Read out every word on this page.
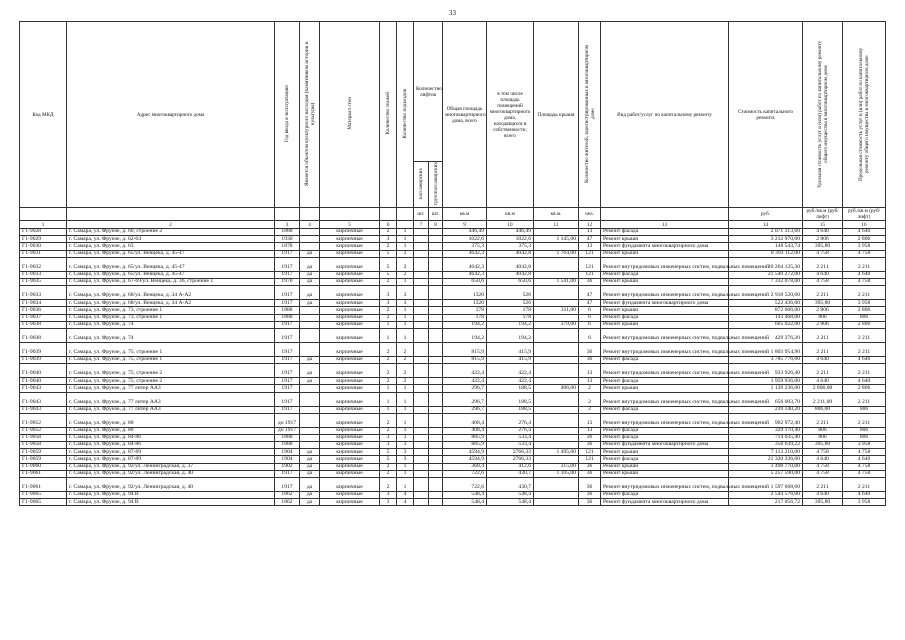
33
Код МКД	Адрес многоквартирного дома	Год ввода в эксплуатацию	Является объектом культурного наследия (памятником истории и культуры)	Материал стен	Количество этажей	Количество подъездов	Количество лифтов		Общая площадь многоквартирного дома, всего	в том числе площадь помещений многоквартирного дома, находящихся в собственности, всего	Площадь крыши	Количество жителей, зарегистрированных в многоквартирном доме	Вид работ/услуг по капитальному ремонту	Стоимость капитального ремонта	Удельная стоимость услуг и (или) работ по капитальному ремонту общего имущества в многоквартирном доме	Предельная стоимость услуг и (или) работ по капитальному ремонту общего имущества в многоквартирном доме
							пассажирских	грузопассажирских								
							шт.	шт.	кв.м	кв.м	кв.м.	чел.		руб.	руб./кв.м (руб/лифт)	руб./кв.м (руб/лифт)
1	2	3	4	5	6		7	8	9	10	11	12	13	14	15	16
Г1-9028	г. Самара, ул. Фрунзе, д. 60, строение 2	1888		кирпичные	2	1			446,49	446,49		13	Ремонт фасада	2 071 313,60	4 640	4 640
Г1-9029	г. Самара, ул. Фрунзе, д. 62-64	1930		кирпичные	3	1			1022,6	1022,6	1 145,00	47	Ремонт крыши	3 212 970,00	2 806	2 806
Г1-9030	г. Самара, ул. Фрунзе, д. 63	1878		кирпичные	2	1			375,3	375,3		13	Ремонт фундамента многоквартирного дома	148 543,74	395,80	3 958
Г1-9031	г. Самара, ул. Фрунзе, д. 65/ул. Венцека, д. 45-47	1917	да	кирпичные	5	2			4642,3	4042,8	1 764,00	121	Ремонт крыши	8 393 112,00	4 758	4 758
Г1-9032	г. Самара, ул. Фрунзе, д. 65/ул. Венцека, д. 45-47	1917	да	кирпичные	5	2			4642,3	4042,8		121	Ремонт внутридомовых инженерных систем, подвальных помещений	10 264 125,30	2 211	2 211
Г1-9033	г. Самара, ул. Фрунзе, д. 65/ул. Венцека, д. 45-47	1917	да	кирпичные	5	2			4642,3	4042,8		121	Ремонт фасада	21 540 272,00	4 640	4 640
Г1-9035	г. Самара, ул. Фрунзе, д. 67-69/ул. Венцека, д. 36, строение 1	1970	да	кирпичные	2	1			650,6	650,6	1 541,00	36	Ремонт крыши	7 332 078,00	4 758	4 758
Г1-9033	г. Самара, ул. Фрунзе, д. 68/ул. Венцека, д. 34 А-А2	1917	да	кирпичные	3	3			1320	526		47	Ремонт внутридомовых инженерных систем, подвальных помещений	2 918 520,00	2 211	2 211
Г1-9034	г. Самара, ул. Фрунзе, д. 68/ул. Венцека, д. 34 А-А2	1917	да	кирпичные	3	3			1320	526		47	Ремонт фундамента многоквартирного дома	522 436,00	395,80	3 958
Г1-9036	г. Самара, ул. Фрунзе, д. 73, строение 1	1888		кирпичные	2	1			178	178	311,00	6	Ремонт крыши	872 666,00	2 806	2 806
Г1-9037	г. Самара, ул. Фрунзе, д. 73, строение 1	1888		кирпичные	2	1			178	178		6	Ремонт фасада	143 468,00	806	806
Г1-9038	г. Самара, ул. Фрунзе, д. 74	1917		кирпичные	1	1			194,2	194,2	379,00	6	Ремонт крыши	665 022,00	2 806	2 806
Г1-9038	г. Самара, ул. Фрунзе, д. 74	1917		кирпичные	1	1			194,2	194,2		6	Ремонт внутридомовых инженерных систем, подвальных помещений	429 376,20	2 211	2 211
Г1-9039	г. Самара, ул. Фрунзе, д. 75, строение 1	1917		кирпичные	2	2			815,9	415,9		36	Ремонт внутридомовых инженерных систем, подвальных помещений	1 803 954,90	2 211	2 211
Г1-9039	г. Самара, ул. Фрунзе, д. 75, строение 1	1917	да	кирпичные	2	2			815,9	415,9		36	Ремонт фасада	3 785 776,00	4 640	4 640
Г1-9040	г. Самара, ул. Фрунзе, д. 75, строение 2	1917	да	кирпичные	2	2			422,4	422,4		13	Ремонт внутридомовых инженерных систем, подвальных помещений	933 926,40	2 211	2 211
Г1-9040	г. Самара, ул. Фрунзе, д. 75, строение 2	1917	да	кирпичные	2	2			422,4	422,4		13	Ремонт фасада	1 959 936,00	4 640	4 640
Г1-9043	г. Самара, ул. Фрунзе, д. 77 литер АА3	1917		кирпичные	1	1			296,7	188,5	406,00	2	Ремонт крыши	1 139 236,00	2 806,00	2 806
Г1-9043	г. Самара, ул. Фрунзе, д. 77 литер АА3	1917		кирпичные	1	1			296,7	188,5		2	Ремонт внутридомовых инженерных систем, подвальных помещений	656 003,70	2 211,00	2 211
Г1-9043	г. Самара, ул. Фрунзе, д. 77 литер АА3	1917		кирпичные	1	1			296,7	188,5		2	Ремонт фасада	239 140,20	806,00	806
Г1-9052	г. Самара, ул. Фрунзе, д. 80	до 1917		кирпичные	2	1			408,4	276,4		13	Ремонт внутридомовых инженерных систем, подвальных помещений	902 972,40	2 211	2 211
Г1-9052	г. Самара, ул. Фрунзе, д. 80	до 1917		кирпичные	2	1			408,4	276,4		13	Ремонт фасада	329 170,40	806	806
Г1-9058	г. Самара, ул. Фрунзе, д. 84-86	1888		кирпичные	3	3			885,9	533,4		36	Ремонт фасада	714 035,40	806	806
Г1-9058	г. Самара, ул. Фрунзе, д. 84-86	1888		кирпичные	3	3			885,9	533,4		36	Ремонт фундамента многоквартирного дома	350 639,22	395,80	3 958
Г1-9059	г. Самара, ул. Фрунзе, д. 87-89	1904	да	кирпичные	5	3			4594,9	2766,33	1 495,00	121	Ремонт крыши	7 113 210,00	4 758	4 758
Г1-9059	г. Самара, ул. Фрунзе, д. 87-89	1904	да	кирпичные	5	3			4594,9	2766,33		121	Ремонт фасада	21 320 336,00	4 640	4 640
Г1-9060	г. Самара, ул. Фрунзе, д. 92/ул. Ленинградская, д. 37	1902	да	кирпичные	2	1			368,4	412,6	315,00	36	Ремонт крыши	1 498 770,00	4 758	4 758
Г1-9061	г. Самара, ул. Фрунзе, д. 92/ул. Ленинградская, д. 40	1917	да	кирпичные	2	1			722,6	430,7	1 105,00	36	Ремонт крыши	5 257 590,00	4 758	4 758
Г1-9061	г. Самара, ул. Фрунзе, д. 92/ул. Ленинградская, д. 40	1917	да	кирпичные	2	1			722,6	430,7		36	Ремонт внутридомовых инженерных систем, подвальных помещений	1 597 668,60	2 211	2 211
Г1-9065	г. Самара, ул. Фрунзе, д. 94 В	1862	да	кирпичные	3	4			548,4	548,4		36	Ремонт фасада	2 544 576,00	4 640	4 640
Г1-9065	г. Самара, ул. Фрунзе, д. 94 В	1862	да	кирпичные	3	4			548,4	548,4		36	Ремонт фундамента многоквартирного дома	217 056,72	395,80	3 958
